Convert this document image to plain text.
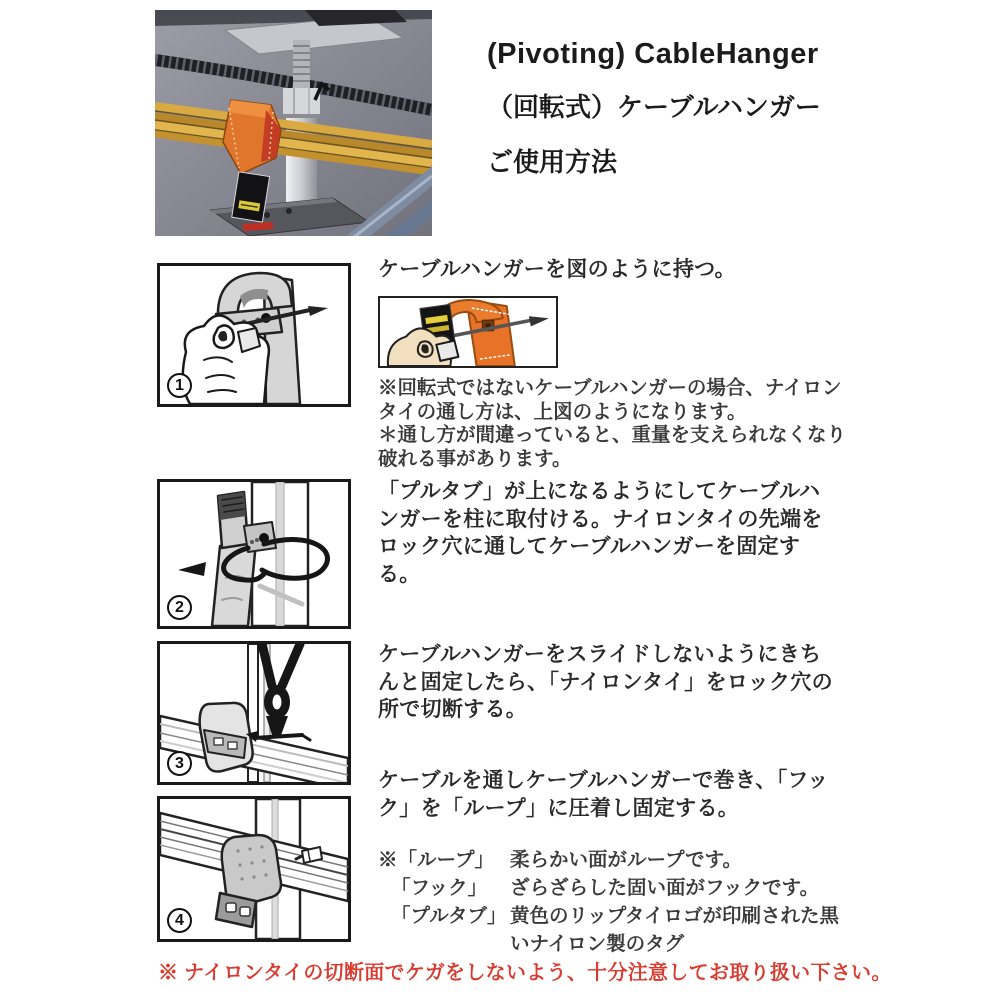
(Pivoting) CableHanger
（回転式）ケーブルハンガー
ご使用方法
1
2
3
4
ケーブルハンガーを図のように持つ。
「プルタブ」が上になるようにしてケーブルハンガーを柱に取付ける。ナイロンタイの先端をロック穴に通してケーブルハンガーを固定する。
ケーブルハンガーをスライドしないようにきちんと固定したら、「ナイロンタイ」をロック穴の所で切断する。
ケーブルを通しケーブルハンガーで巻き、「フック」を「ループ」に圧着し固定する。

※回転式ではないケーブルハンガーの場合、ナイロンタイの通し方は、上図のようになります。

＊通し方が間違っていると、重量を支えられなくなり破れる事があります。

※「ループ」 柔らかい面がループです。
「フック」	ざらざらした固い面がフックです。
「プルタブ」 黄色のリップタイロゴが印刷された黒いナイロン製のタグ
※ ナイロンタイの切断面でケガをしないよう、十分注意してお取り扱い下さい。
